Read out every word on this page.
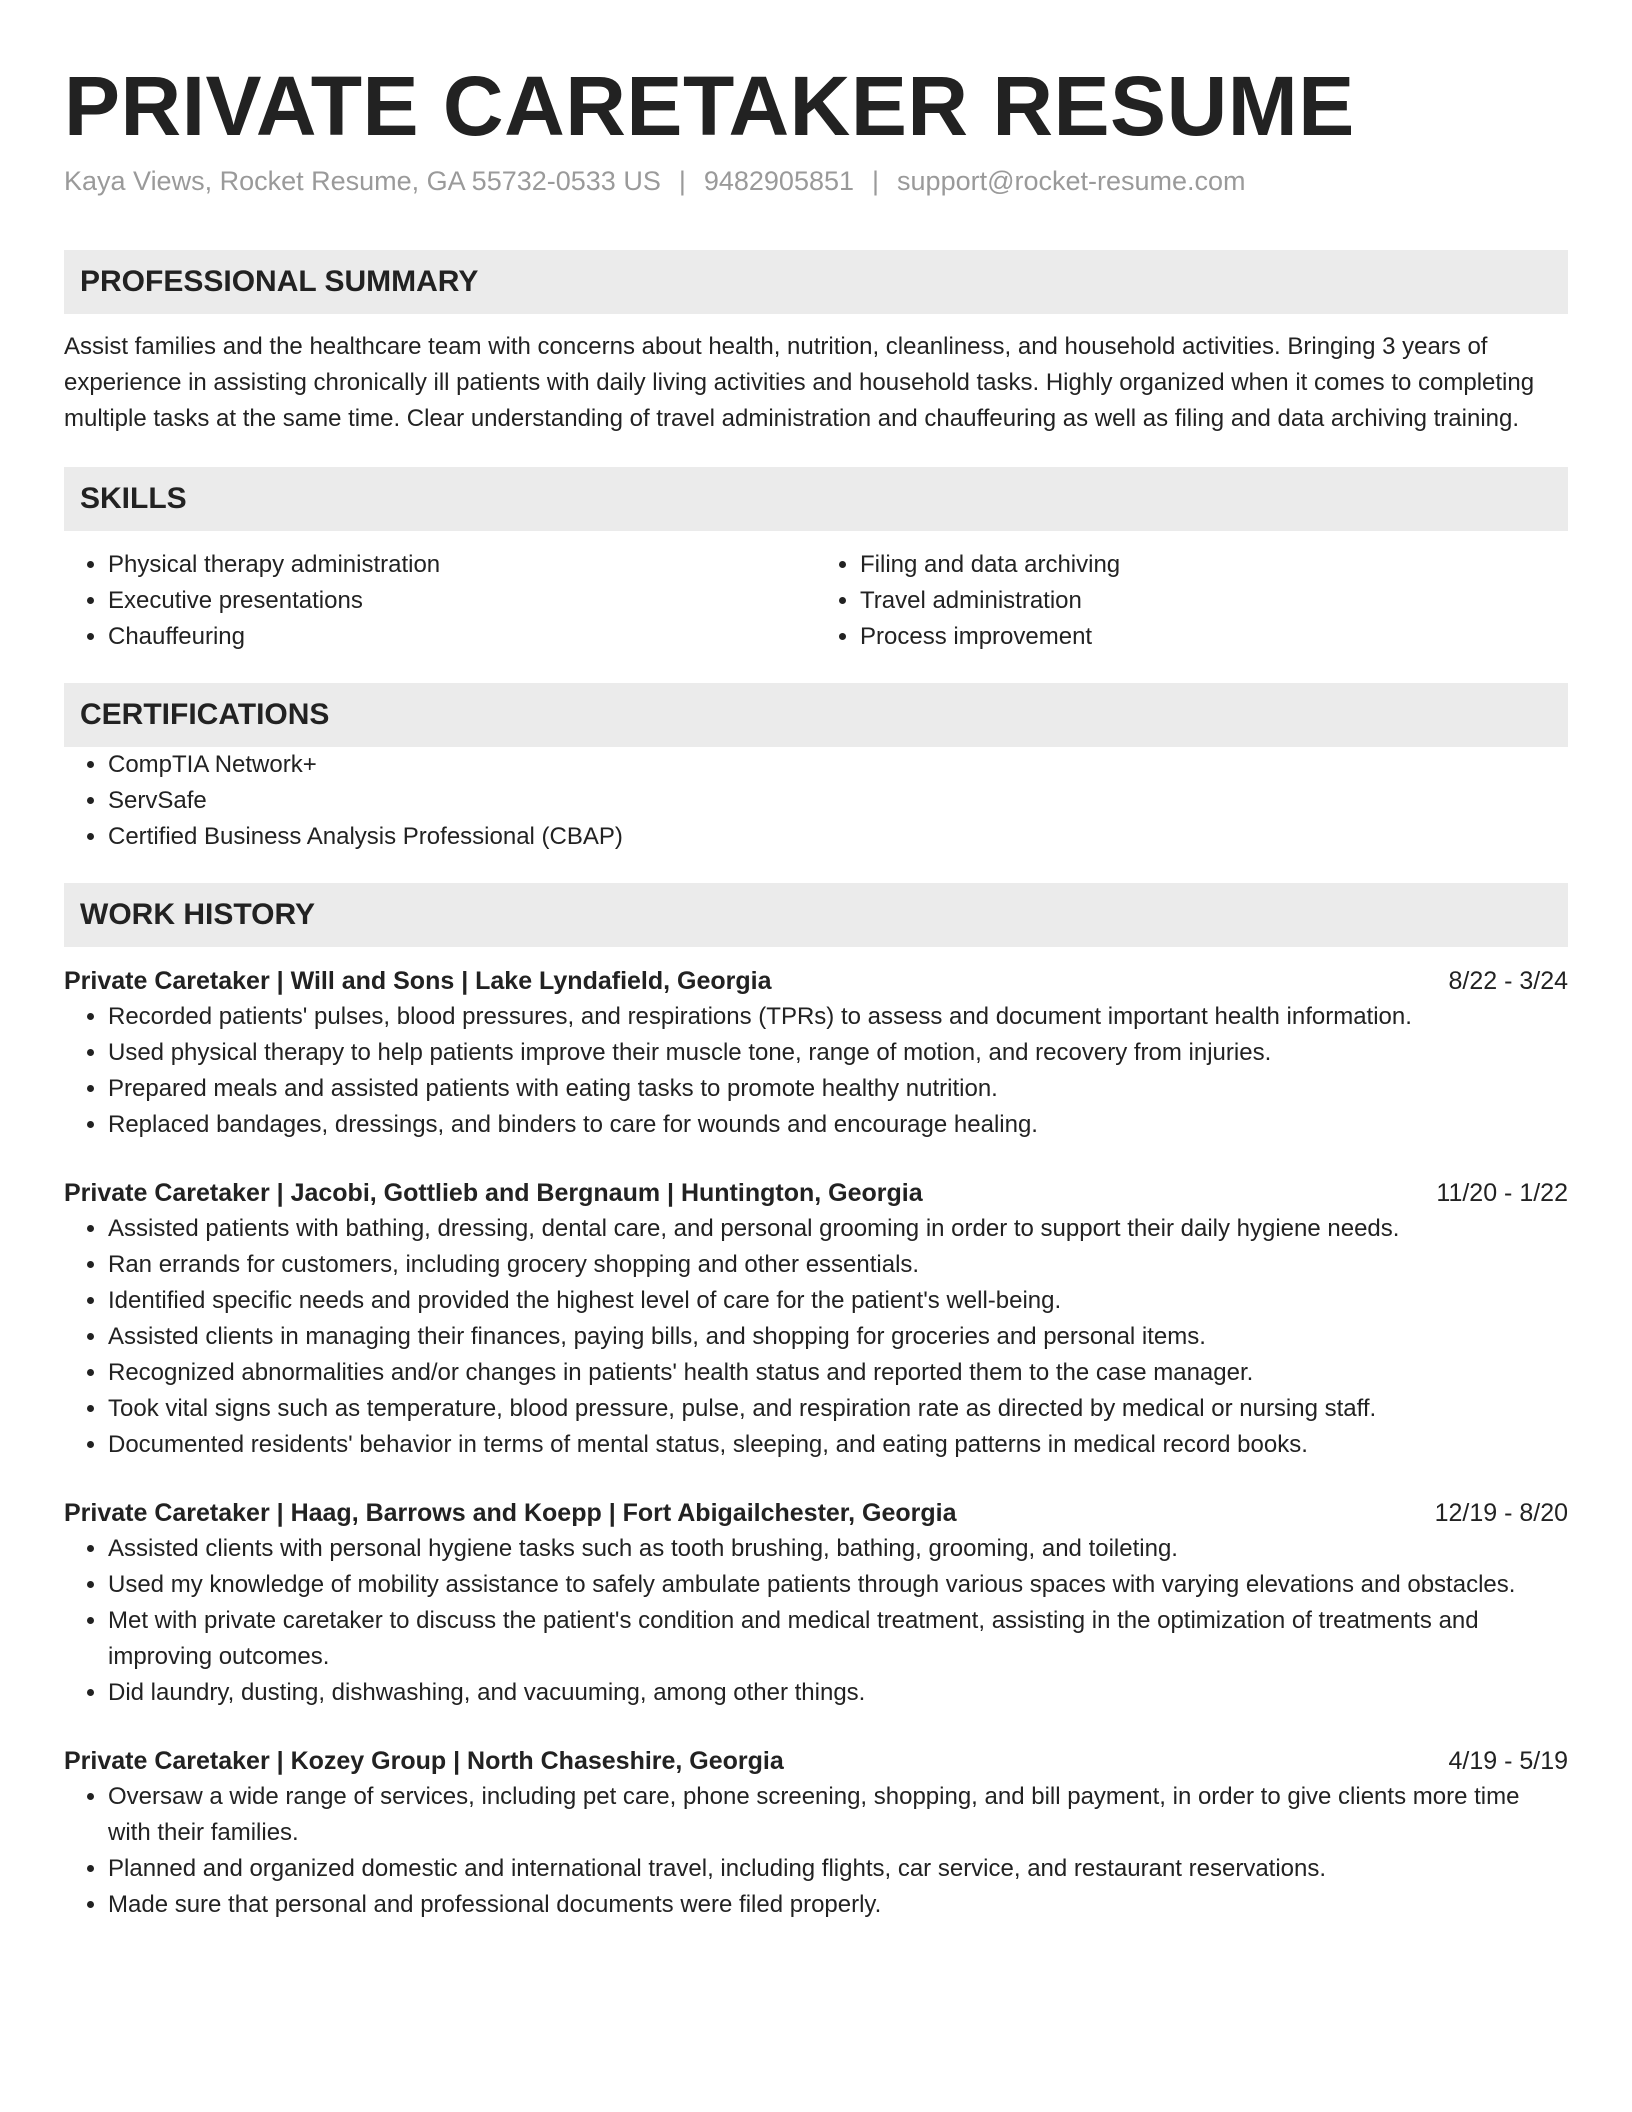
PRIVATE CARETAKER RESUME
Kaya Views, Rocket Resume, GA 55732-0533 US | 9482905851 | support@rocket-resume.com
PROFESSIONAL SUMMARY

Assist families and the healthcare team with concerns about health, nutrition, cleanliness, and household activities. Bringing 3 years of experience in assisting chronically ill patients with daily living activities and household tasks. Highly organized when it comes to completing multiple tasks at the same time. Clear understanding of travel administration and chauffeuring as well as filing and data archiving training.

SKILLS
• Physical therapy administration
• Executive presentations
• Chauffeuring
• Filing and data archiving
• Travel administration
• Process improvement
CERTIFICATIONS
• CompTIA Network+
• ServSafe
• Certified Business Analysis Professional (CBAP)
WORK HISTORY
Private Caretaker | Will and Sons | Lake Lyndafield, Georgia	8/22 - 3/24
• Recorded patients' pulses, blood pressures, and respirations (TPRs) to assess and document important health information.
• Used physical therapy to help patients improve their muscle tone, range of motion, and recovery from injuries.
• Prepared meals and assisted patients with eating tasks to promote healthy nutrition.
• Replaced bandages, dressings, and binders to care for wounds and encourage healing.
Private Caretaker | Jacobi, Gottlieb and Bergnaum | Huntington, Georgia	11/20 - 1/22
• Assisted patients with bathing, dressing, dental care, and personal grooming in order to support their daily hygiene needs.
• Ran errands for customers, including grocery shopping and other essentials.
• Identified specific needs and provided the highest level of care for the patient's well-being.
• Assisted clients in managing their finances, paying bills, and shopping for groceries and personal items.
• Recognized abnormalities and/or changes in patients' health status and reported them to the case manager.
• Took vital signs such as temperature, blood pressure, pulse, and respiration rate as directed by medical or nursing staff.
• Documented residents' behavior in terms of mental status, sleeping, and eating patterns in medical record books.
Private Caretaker | Haag, Barrows and Koepp | Fort Abigailchester, Georgia	12/19 - 8/20
• Assisted clients with personal hygiene tasks such as tooth brushing, bathing, grooming, and toileting.
• Used my knowledge of mobility assistance to safely ambulate patients through various spaces with varying elevations and obstacles.
• Met with private caretaker to discuss the patient's condition and medical treatment, assisting in the optimization of treatments and improving outcomes.
• Did laundry, dusting, dishwashing, and vacuuming, among other things.
Private Caretaker | Kozey Group | North Chaseshire, Georgia	4/19 - 5/19
• Oversaw a wide range of services, including pet care, phone screening, shopping, and bill payment, in order to give clients more time with their families.
• Planned and organized domestic and international travel, including flights, car service, and restaurant reservations.
• Made sure that personal and professional documents were filed properly.
